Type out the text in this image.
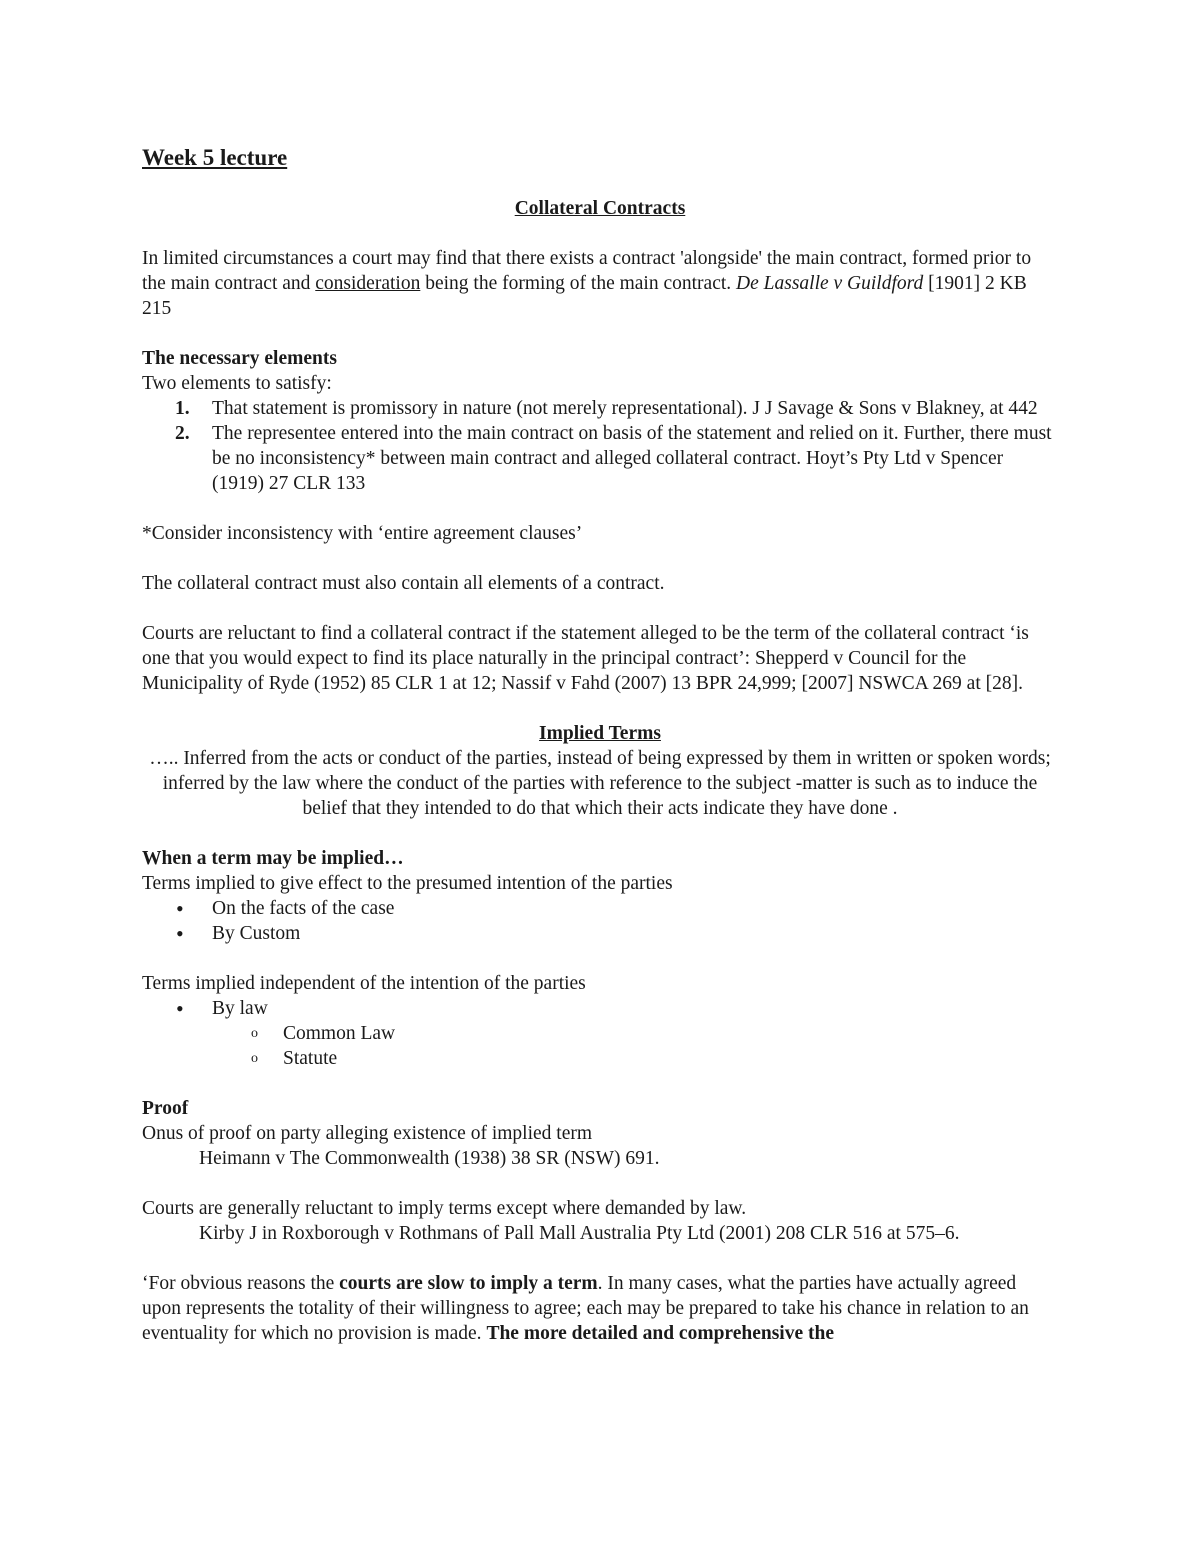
Week 5 lecture

Collateral Contracts

In limited circumstances a court may find that there exists a contract 'alongside' the main contract, formed prior to the main contract and consideration being the forming of the main contract. De Lassalle v Guildford [1901] 2 KB 215

The necessary elements

Two elements to satisfy:

1. That statement is promissory in nature (not merely representational). J J Savage & Sons v Blakney, at 442
2. The representee entered into the main contract on basis of the statement and relied on it. Further, there must be no inconsistency* between main contract and alleged collateral contract. Hoyt’s Pty Ltd v Spencer (1919) 27 CLR 133

*Consider inconsistency with ‘entire agreement clauses’

The collateral contract must also contain all elements of a contract.

Courts are reluctant to find a collateral contract if the statement alleged to be the term of the collateral contract ‘is one that you would expect to find its place naturally in the principal contract’: Shepperd v Council for the Municipality of Ryde (1952) 85 CLR 1 at 12; Nassif v Fahd (2007) 13 BPR 24,999; [2007] NSWCA 269 at [28].

Implied Terms

….. Inferred from the acts or conduct of the parties, instead of being expressed by them in written or spoken words; inferred by the law where the conduct of the parties with reference to the subject -matter is such as to induce the belief that they intended to do that which their acts indicate they have done .

When a term may be implied…

Terms implied to give effect to the presumed intention of the parties

• On the facts of the case
• By Custom

Terms implied independent of the intention of the parties

• By law
o Common Law
o Statute

Proof

Onus of proof on party alleging existence of implied term

Heimann v The Commonwealth (1938) 38 SR (NSW) 691.

Courts are generally reluctant to imply terms except where demanded by law.

Kirby J in Roxborough v Rothmans of Pall Mall Australia Pty Ltd (2001) 208 CLR 516 at 575–6.

‘For obvious reasons the courts are slow to imply a term. In many cases, what the parties have actually agreed upon represents the totality of their willingness to agree; each may be prepared to take his chance in relation to an eventuality for which no provision is made. The more detailed and comprehensive the
